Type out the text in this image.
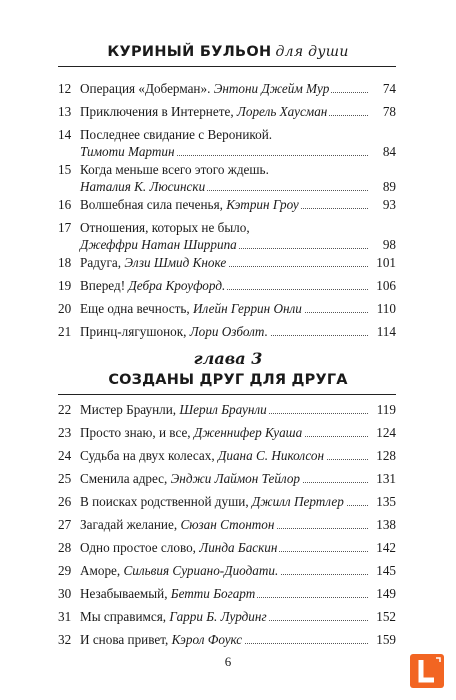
КУРИНЫЙ БУЛЬОН для души
12 Операция «Доберман». Энтони Джейм Мур	74
13 Приключения в Интернете, Лорель Хаусман	78
14 Последнее свидание с Вероникой.
Тимоти Мартин	84
15 Когда меньше всего этого ждешь.
Наталия К. Люсински	89
16 Волшебная сила печенья, Кэтрин Гроу	93
17 Отношения, которых не было,
Джеффри Натан Ширрипа	98
18 Радуга, Элзи Шмид Кноке	101
19 Вперед! Дебра Кроуфорд.	106
20 Еще одна вечность, Илейн Геррин Онли	110
21 Принц-лягушонок, Лори Озболт.	114
глава 3
СОЗДАНЫ ДРУГ ДЛЯ ДРУГА
22 Мистер Браунли, Шерил Браунли	119
23 Просто знаю, и все, Дженнифер Куаша	124
24 Судьба на двух колесах, Диана С. Николсон	128
25 Сменила адрес, Энджи Лаймон Тейлор	131
26 В поисках родственной души, Джилл Пертлер 135
27 Загадай желание, Сюзан Стонтон	138
28 Одно простое слово, Линда Баскин	142
29 Аморе, Сильвия Суриано-Диодати.	145
30 Незабываемый, Бетти Богарт	149
31 Мы справимся, Гарри Б. Лурдинг	152
32 И снова привет, Кэрол Фоукс	159
6
